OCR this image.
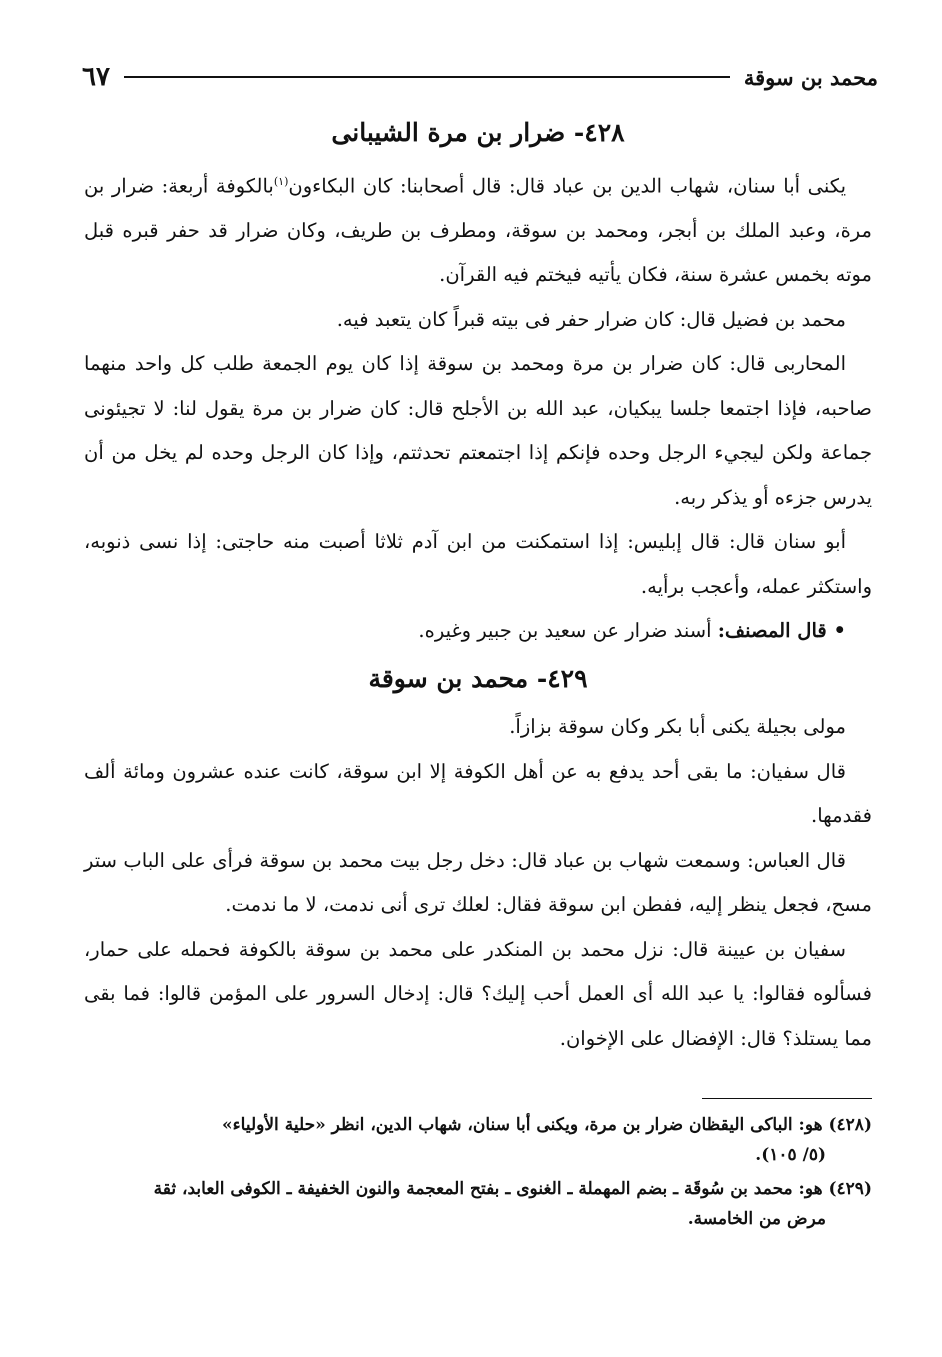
محمد بن سوقة
٦٧
٤٢٨- ضرار بن مرة الشيبانى

يكنى أبا سنان، شهاب الدين بن عباد قال: قال أصحابنا: كان البكاءون$^{(١)}$بالكوفة أربعة: ضرار بن مرة، وعبد الملك بن أبجر، ومحمد بن سوقة، ومطرف بن طريف، وكان ضرار قد حفر قبره قبل موته بخمس عشرة سنة، فكان يأتيه فيختم فيه القرآن.

محمد بن فضيل قال: كان ضرار حفر فى بيته قبراً كان يتعبد فيه.

المحاربى قال: كان ضرار بن مرة ومحمد بن سوقة إذا كان يوم الجمعة طلب كل واحد منهما صاحبه، فإذا اجتمعا جلسا يبكيان، عبد الله بن الأجلح قال: كان ضرار بن مرة يقول لنا: لا تجيئونى جماعة ولكن ليجيء الرجل وحده فإنكم إذا اجتمعتم تحدثتم، وإذا كان الرجل وحده لم يخل من أن يدرس جزءه أو يذكر ربه.

أبو سنان قال: قال إبليس: إذا استمكنت من ابن آدم ثلاثا أصبت منه حاجتى: إذا نسى ذنوبه، واستكثر عمله، وأعجب برأيه.

• قال المصنف: أسند ضرار عن سعيد بن جبير وغيره.

٤٢٩- محمد بن سوقة

مولى بجيلة يكنى أبا بكر وكان سوقة بزازاً.

قال سفيان: ما بقى أحد يدفع به عن أهل الكوفة إلا ابن سوقة، كانت عنده عشرون ومائة ألف فقدمها.

قال العباس: وسمعت شهاب بن عباد قال: دخل رجل بيت محمد بن سوقة فرأى على الباب ستر مسح، فجعل ينظر إليه، ففطن ابن سوقة فقال: لعلك ترى أنى ندمت، لا ما ندمت.

سفيان بن عيينة قال: نزل محمد بن المنكدر على محمد بن سوقة بالكوفة فحمله على حمار، فسألوه فقالوا: يا عبد الله أى العمل أحب إليك؟ قال: إدخال السرور على المؤمن قالوا: فما بقى مما يستلذ؟ قال: الإفضال على الإخوان.

(٤٢٨) هو: الباكى اليقظان ضرار بن مرة، ويكنى أبا سنان، شهاب الدين، انظر «حلية الأولياء»
(٥/ ١٠٥).

(٤٢٩) هو: محمد بن سُوقَة ـ بضم المهملة ـ الغنوى ـ بفتح المعجمة والنون الخفيفة ـ الكوفى العابد، ثقة
مرض من الخامسة.
